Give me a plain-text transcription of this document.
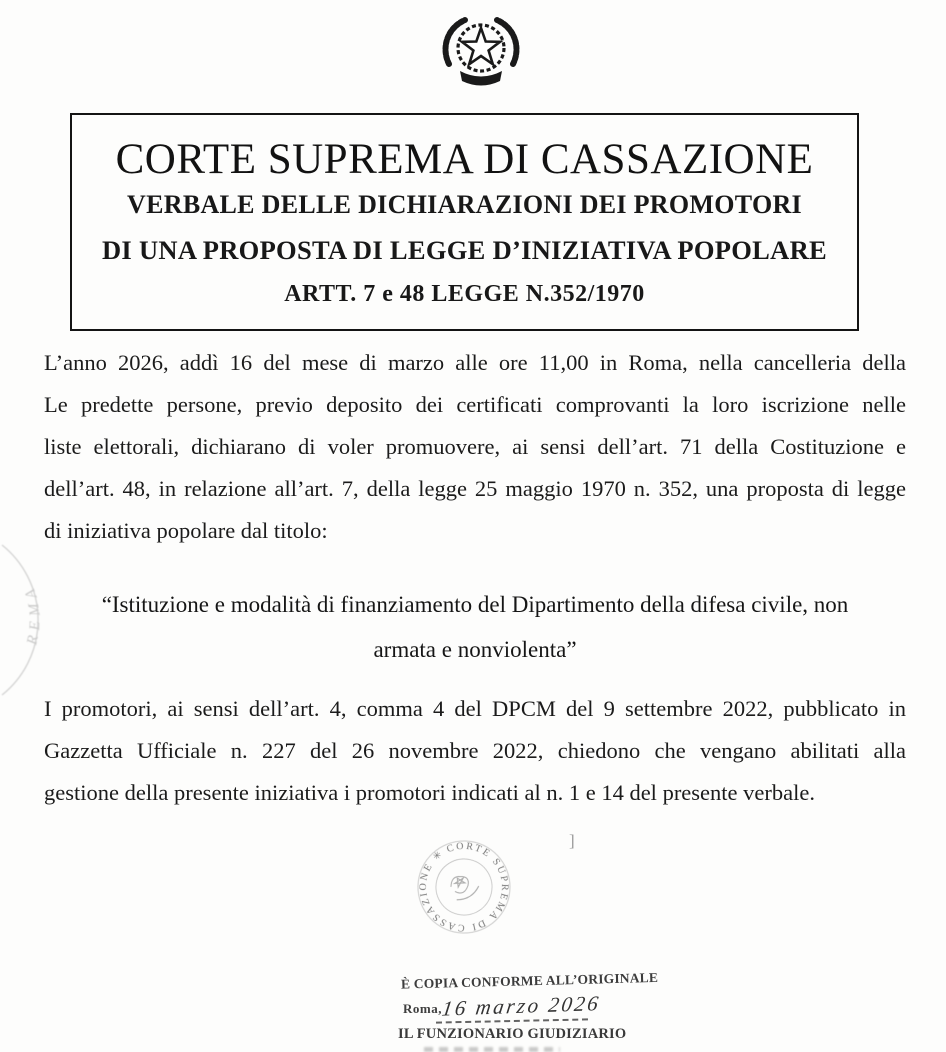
CORTE SUPREMA DI CASSAZIONE
VERBALE DELLE DICHIARAZIONI DEI PROMOTORI
DI UNA PROPOSTA DI LEGGE D’INIZIATIVA POPOLARE
ARTT. 7 e 48 LEGGE N.352/1970
L’anno 2026, addì 16 del mese di marzo alle ore 11,00 in Roma, nella cancelleria della
Le predette persone, previo deposito dei certificati comprovanti la loro iscrizione nelle
liste elettorali, dichiarano di voler promuovere, ai sensi dell’art. 71 della Costituzione e
dell’art. 48, in relazione all’art. 7, della legge 25 maggio 1970 n. 352, una proposta di legge
di iniziativa popolare dal titolo:
“Istituzione e modalità di finanziamento del Dipartimento della difesa civile, non
armata e nonviolenta”
I promotori, ai sensi dell’art. 4, comma 4 del DPCM del 9 settembre 2022, pubblicato in
Gazzetta Ufficiale n. 227 del 26 novembre 2022, chiedono che vengano abilitati alla
gestione della presente iniziativa i promotori indicati al n. 1 e 14 del presente verbale.
REMA
CORTE SUPREMA DI CASSAZIONE ✳
]
È COPIA CONFORME ALL’ORIGINALE
Roma,
16 marzo 2026
IL FUNZIONARIO GIUDIZIARIO
